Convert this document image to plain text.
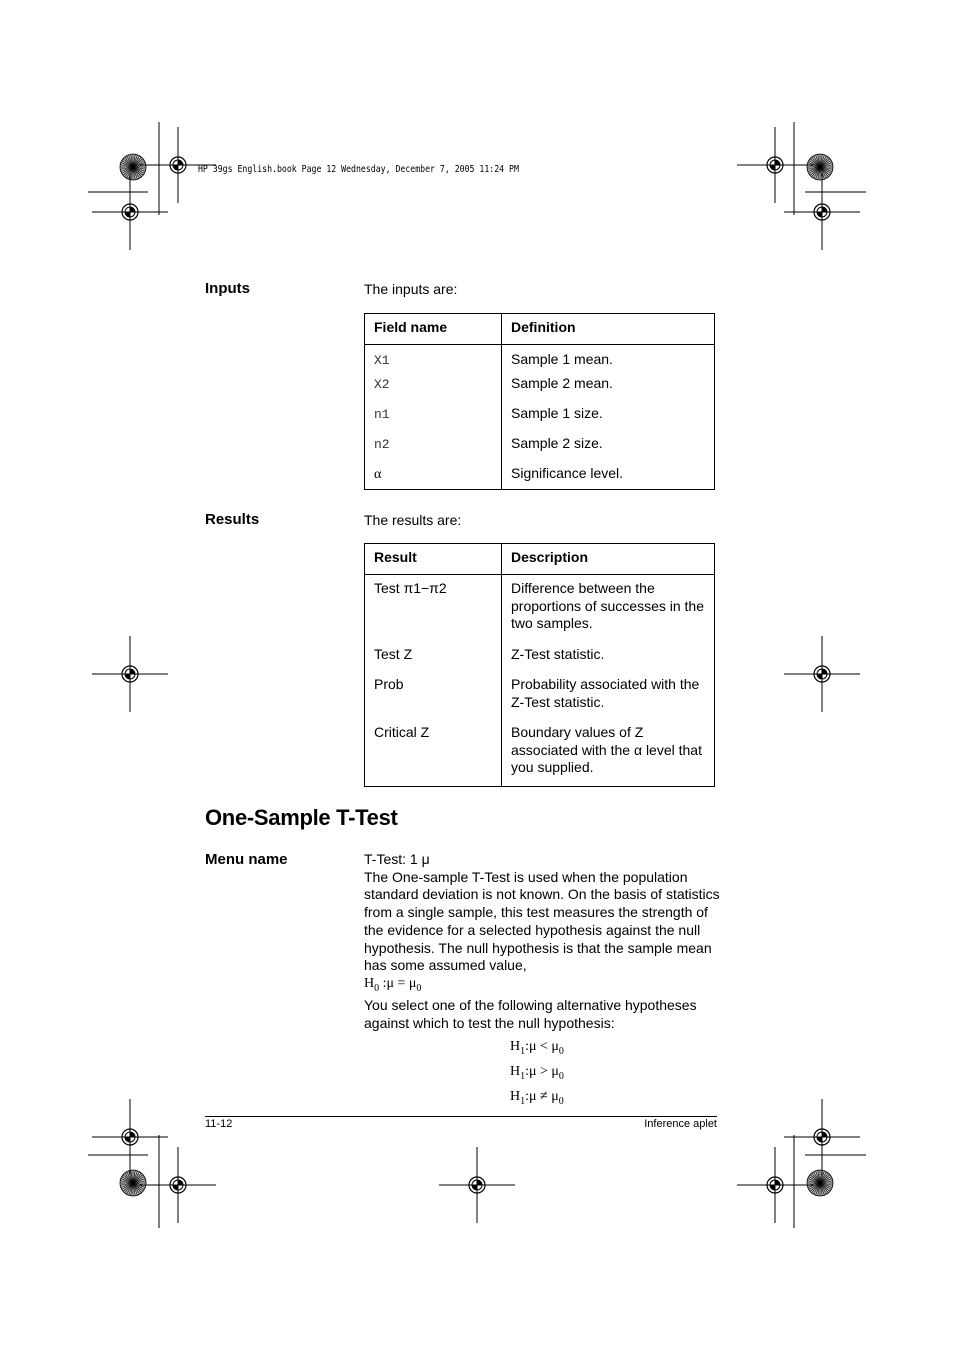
HP 39gs English.book Page 12 Wednesday, December 7, 2005 11:24 PM
Inputs	The inputs are:
Field name	Definition
X1	Sample 1 mean.
X2	Sample 2 mean.
n1	Sample 1 size.
n2	Sample 2 size.
α	Significance level.
Results	The results are:
Result	Description
Test π1−π2	Difference between the proportions of successes in the two samples.
Test Z	Z-Test statistic.
Prob	Probability associated with the Z-Test statistic.
Critical Z	Boundary values of Z associated with the α level that you supplied.
One-Sample T-Test
Menu name	T-Test: 1 μ
The One-sample T-Test is used when the population standard deviation is not known. On the basis of statistics from a single sample, this test measures the strength of the evidence for a selected hypothesis against the null hypothesis. The null hypothesis is that the sample mean has some assumed value,
$H_0$ :μ = $\mu_0$
You select one of the following alternative hypotheses against which to test the null hypothesis:
$H_1:\mu < \mu_0$
$H_1:\mu > \mu_0$
$H_1:\mu \ne \mu_0$
11-12	Inference aplet
